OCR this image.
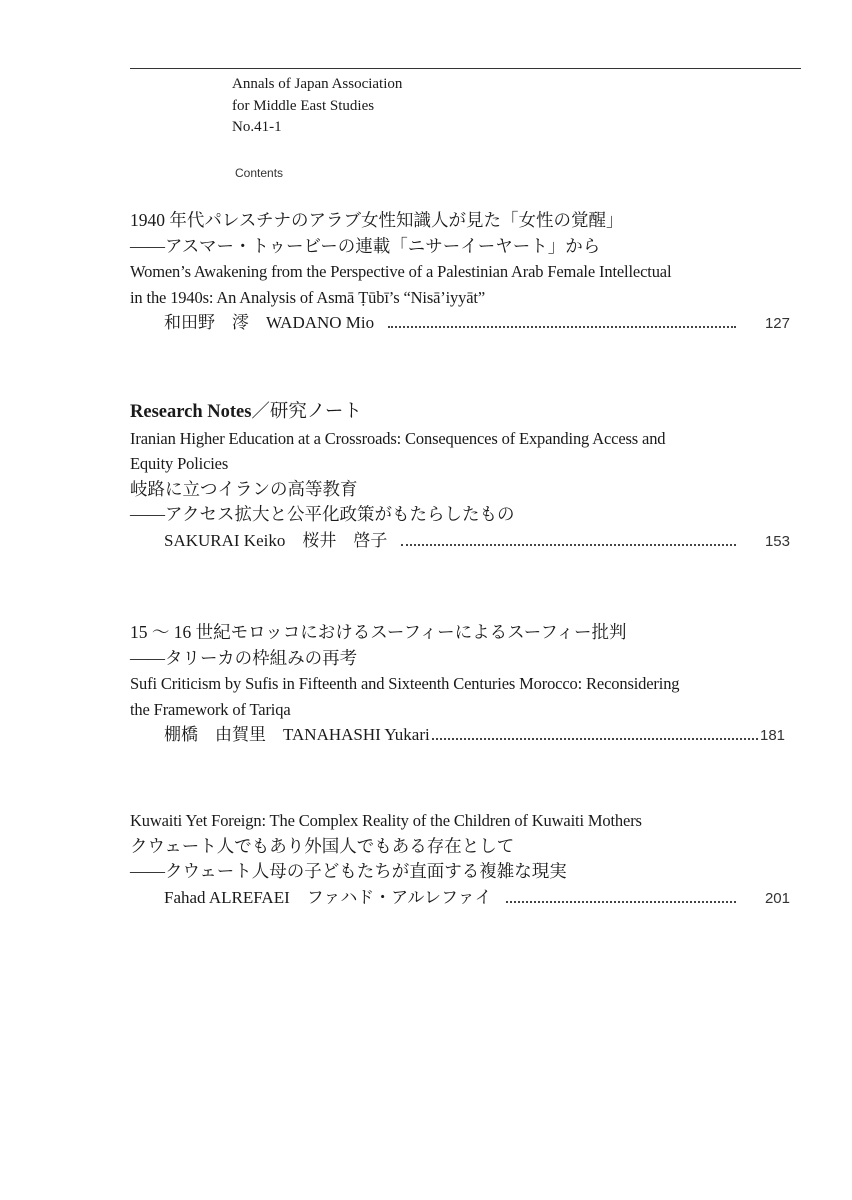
Annals of Japan Association
for Middle East Studies
No.41-1
Contents
1940 年代パレスチナのアラブ女性知識人が見た「女性の覚醒」
――アスマー・トゥービーの連載「ニサーイーヤート」から
Women’s Awakening from the Perspective of a Palestinian Arab Female Intellectual
in the 1940s: An Analysis of Asmā Ṭūbī’s “Nisā’iyyāt”
和田野　澪　WADANO Mio	127
Research Notes／研究ノート
Iranian Higher Education at a Crossroads: Consequences of Expanding Access and
Equity Policies
岐路に立つイランの高等教育
――アクセス拡大と公平化政策がもたらしたもの
SAKURAI Keiko　桜井　啓子	153
15 ～ 16 世紀モロッコにおけるスーフィーによるスーフィー批判
――タリーカの枠組みの再考
Sufi Criticism by Sufis in Fifteenth and Sixteenth Centuries Morocco: Reconsidering
the Framework of Tariqa
棚橋　由賀里　TANAHASHI Yukari	181
Kuwaiti Yet Foreign: The Complex Reality of the Children of Kuwaiti Mothers
クウェート人でもあり外国人でもある存在として
――クウェート人母の子どもたちが直面する複雑な現実
Fahad ALREFAEI　ファハド・アルレファイ	201
